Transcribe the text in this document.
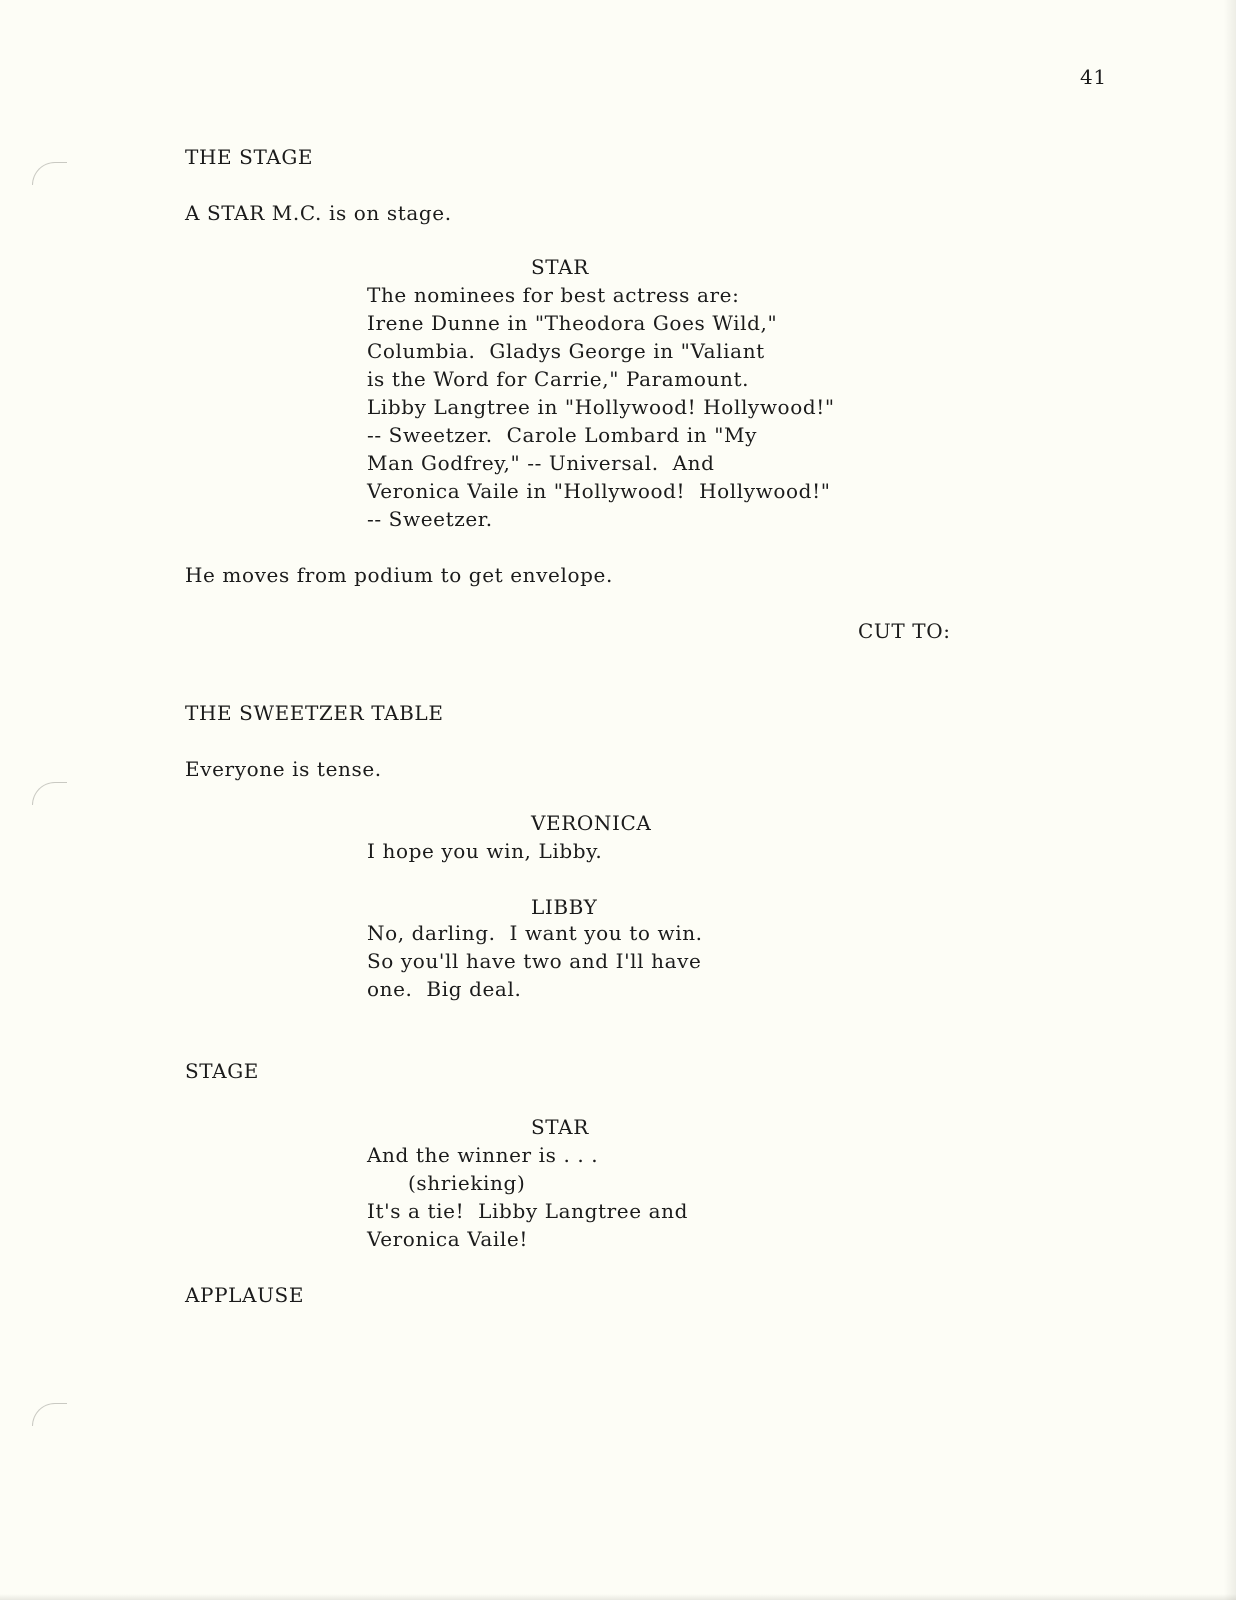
41
THE STAGE
A STAR M.C. is on stage.
STAR
The nominees for best actress are:
Irene Dunne in "Theodora Goes Wild,"
Columbia.  Gladys George in "Valiant
is the Word for Carrie," Paramount.
Libby Langtree in "Hollywood! Hollywood!"
-- Sweetzer.  Carole Lombard in "My
Man Godfrey," -- Universal.  And
Veronica Vaile in "Hollywood!  Hollywood!"
-- Sweetzer.
He moves from podium to get envelope.
CUT TO:
THE SWEETZER TABLE
Everyone is tense.
VERONICA
I hope you win, Libby.
LIBBY
No, darling.  I want you to win.
So you'll have two and I'll have
one.  Big deal.
STAGE
STAR
And the winner is . . .
(shrieking)
It's a tie!  Libby Langtree and
Veronica Vaile!
APPLAUSE
